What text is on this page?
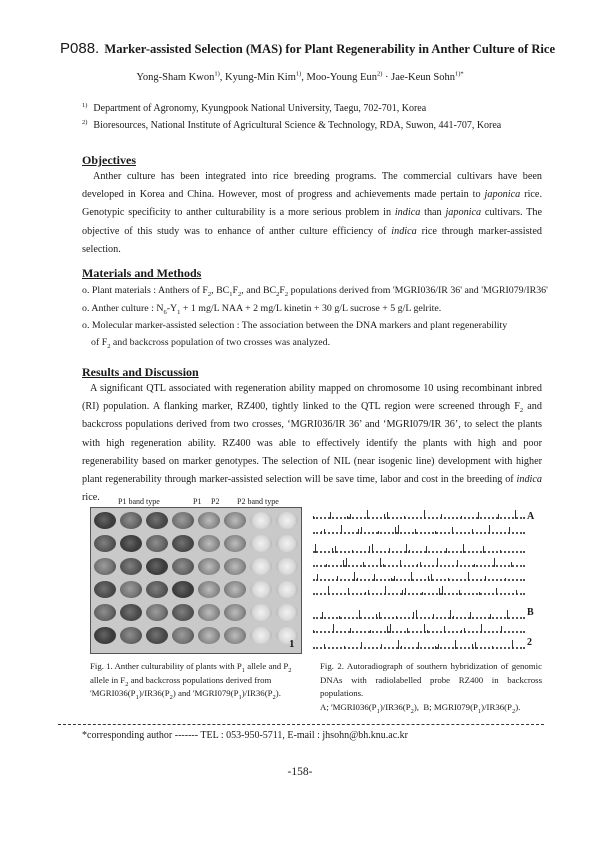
P088. Marker-assisted Selection (MAS) for Plant Regenerability in Anther Culture of Rice
Yong-Sham Kwon$^{1)}$, Kyung-Min Kim$^{1)}$, Moo-Young Eun$^{2)}$ · Jae-Keun Sohn$^{1)*}$
$^{1)}$ Department of Agronomy, Kyungpook National University, Taegu, 702-701, Korea
$^{2)}$ Bioresources, National Institute of Agricultural Science & Technology, RDA, Suwon, 441-707, Korea
Objectives
Anther culture has been integrated into rice breeding programs. The commercial cultivars have been developed in Korea and China. However, most of progress and achievements made pertain to japonica rice. Genotypic specificity to anther culturability is a more serious problem in indica than japonica cultivars. The objective of this study was to enhance of anther culture efficiency of indica rice through marker-assisted selection.
Materials and Methods
o. Plant materials : Anthers of $F_2$, $BC_1F_2$, and $BC_2F_2$ populations derived from 'MGRI036/IR 36' and 'MGRI079/IR36'
o. Anther culture : $N_6-Y_1 + 1$ mg/L NAA + 2 mg/L kinetin + 30 g/L sucrose + 5 g/L gelrite.
o. Molecular marker-assisted selection : The association between the DNA markers and plant regenerability
of $F_2$ and backcross population of two crosses was analyzed.
Results and Discussion
A significant QTL associated with regeneration ability mapped on chromosome 10 using recombinant inbred (RI) population. A flanking marker, RZ400, tightly linked to the QTL region were screened through $F_2$ and backcross populations derived from two crosses, ‘MGRI036/IR 36’ and ‘MGRI079/IR 36’, to select the plants with high regeneration ability. RZ400 was able to effectively identify the plants with high and poor regenerability based on marker genotypes. The selection of NIL (near isogenic line) development with higher plant regenerability through marker-assisted selection will be save time, labor and cost in the breeding of indica rice.	P1 band type	P1 P2 P2 band type
1
A
B
2
Fig. 1. Anther culturability of plants with $P_1$ allele and $P_2$ allele in $F_2$ and backcross populations derived from '$MGRI036(P_1)/IR36(P_2)$ and '$MGRI079(P_1)/IR36(P_2)$.
Fig. 2. Autoradiograph of southern hybridization of genomic DNAs with radiolabelled probe RZ400 in backcross populations.
A; '$MGRI036(P_1)/IR36(P_2)$,  B; $MGRI079(P_1)/IR36(P_2)$.
*corresponding author ------- TEL : 053-950-5711, E-mail : jhsohn@bh.knu.ac.kr
-158-
